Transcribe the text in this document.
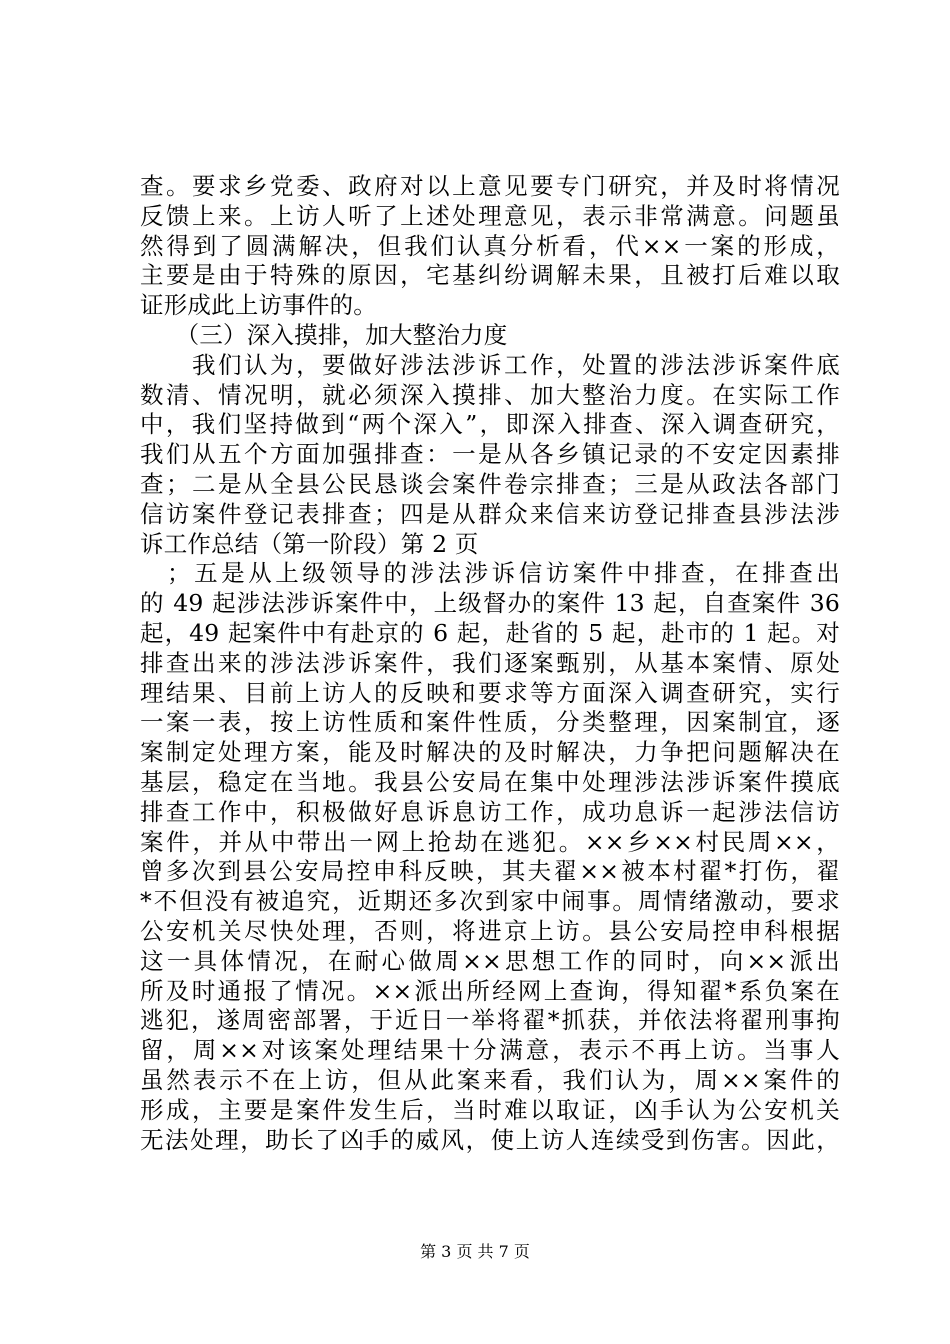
查。要求乡党委、政府对以上意见要专门研究，并及时将情况
反馈上来。上访人听了上述处理意见，表示非常满意。问题虽
然得到了圆满解决，但我们认真分析看，代××一案的形成，
主要是由于特殊的原因，宅基纠纷调解未果，且被打后难以取
证形成此上访事件的。
　　（三）深入摸排，加大整治力度
　　我们认为，要做好涉法涉诉工作，处置的涉法涉诉案件底
数清、情况明，就必须深入摸排、加大整治力度。在实际工作
中，我们坚持做到“两个深入”，即深入排查、深入调查研究，
我们从五个方面加强排查：一是从各乡镇记录的不安定因素排
查；二是从全县公民恳谈会案件卷宗排查；三是从政法各部门
信访案件登记表排查；四是从群众来信来访登记排查县涉法涉
诉工作总结（第一阶段）第 2 页
　；五是从上级领导的涉法涉诉信访案件中排查，在排查出
的 49 起涉法涉诉案件中，上级督办的案件 13 起，自查案件 36
起，49 起案件中有赴京的 6 起，赴省的 5 起，赴市的 1 起。对
排查出来的涉法涉诉案件，我们逐案甄别，从基本案情、原处
理结果、目前上访人的反映和要求等方面深入调查研究，实行
一案一表，按上访性质和案件性质，分类整理，因案制宜，逐
案制定处理方案，能及时解决的及时解决，力争把问题解决在
基层，稳定在当地。我县公安局在集中处理涉法涉诉案件摸底
排查工作中，积极做好息诉息访工作，成功息诉一起涉法信访
案件，并从中带出一网上抢劫在逃犯。××乡××村民周××，
曾多次到县公安局控申科反映，其夫翟××被本村翟*打伤，翟
*不但没有被追究，近期还多次到家中闹事。周情绪激动，要求
公安机关尽快处理，否则，将进京上访。县公安局控申科根据
这一具体情况，在耐心做周××思想工作的同时，向××派出
所及时通报了情况。××派出所经网上查询，得知翟*系负案在
逃犯，遂周密部署，于近日一举将翟*抓获，并依法将翟刑事拘
留，周××对该案处理结果十分满意，表示不再上访。当事人
虽然表示不在上访，但从此案来看，我们认为，周××案件的
形成，主要是案件发生后，当时难以取证，凶手认为公安机关
无法处理，助长了凶手的威风，使上访人连续受到伤害。因此，
第 3 页 共 7 页
